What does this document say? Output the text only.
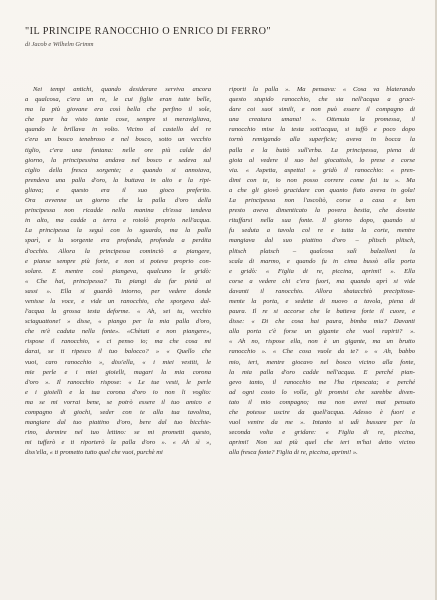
"IL PRINCIPE RANOCCHIO O ENRICO DI FERRO"

di Jacob e Wilhelm Grimm

Nei tempi antichi, quando desiderare serviva ancora
a qualcosa, c'era un re, le cui figlie eran tutte belle,
ma la più giovane era così bella che perfino il sole,
che pure ha visto tante cose, sempre si meravigliava,
quando le brillava in volto. Vicino al castello del re
c'era un bosco tenebroso e nel bosco, sotto un vecchio
tiglio, c'era una fontana: nelle ore più calde del
giorno, la principessina andava nel bosco e sedeva sul
ciglio della fresca sorgente; e quando si annoiava,
prendeva una palla d'oro, la buttava in alto e la ripi-
gliava; e questo era il suo gioco preferito.
Ora avvenne un giorno che la palla d'oro della
principessa non ricadde nella manina ch'essa tendeva
in alto, ma cadde a terra e rotolò proprio nell'acqua.
La principessa la seguì con lo sguardo, ma la palla
sparì, e la sorgente era profonda, profonda a perdita
d'occhio. Allora la principessa cominciò a piangere,
e pianse sempre più forte, e non si poteva proprio con-
solare. E mentre così piangeva, qualcuno le gridò:
« Che hai, principessa? Tu piangi da far pietà ai
sassi ». Ella si guardò intorno, per vedere donde
venisse la voce, e vide un ranocchio, che sporgeva dal-
l'acqua la grossa testa deforme. « Ah, sei tu, vecchio
sciaguattone! » disse, « piango per la mia palla d'oro,
che m'è caduta nella fonte». «Chètati e non piangere»,
rispose il ranocchio, « ci penso io; ma che cosa mi
darai, se ti ripesco il tuo balocco? » « Quello che
vuoi, caro ranocchio », diss'ella, « i miei vestiti, le
mie perle e i miei gioielli, magari la mia corona
d'oro ». Il ranocchio rispose: « Le tue vesti, le perle
e i gioielli e la tua corona d'oro io non li voglio:
ma se mi vorrai bene, se potrò essere il tuo amico e
compagno di giochi, seder con te alla tua tavolina,
mangiare dal tuo piattino d'oro, bere dal tuo bicchie-
rino, dormire nel tuo lettino: se mi prometti questo,
mi tufferò e ti riporterò la palla d'oro ». « Ah sì »,
diss'ella, « ti prometto tutto quel che vuoi, purchè mi
riporti la palla ». Ma pensava: « Cosa va blaterando
questo stupido ranocchio, che sta nell'acqua a graci-
dare coi suoi simili, e non può essere il compagno di
una creatura umana! ». Ottenuta la promessa, il
ranocchio mise la testa sott'acqua, si tuffò e poco dopo
tornò remigando alla superficie; aveva in bocca la
palla e la buttò sull'erba. La principessa, piena di
gioia al vedere il suo bel giocattolo, lo prese e corse
via. « Aspetta, aspetta! » gridò il ranocchio: « pren-
dimi con te, io non posso correre come fai tu ». Ma
a che gli giovò gracidare con quanto fiato aveva in gola!
La principessa non l'ascoltò, corse a casa e ben
presto aveva dimenticato la povera bestia, che dovette
rituffarsi nella sua fonte. Il giorno dopo, quando si
fu seduta a tavola col re e tutta la corte, mentre
mangiava dal suo piattino d'oro – plitsch plitsch,
plitsch platsch – qualcosa salì balzelloni la
scala di marmo, e quando fu in cima bussò alla porta
e gridò: « Figlia di re, piccina, aprimi! ». Ella
corse a vedere chi c'era fuori, ma quando aprì si vide
davanti il ranocchio. Allora sbatacchiò precipitosa-
mente la porta, e sedette di nuovo a tavola, piena di
paura. Il re si accorse che le batteva forte il cuore, e
disse: « Di che cosa hai paura, bimba mia? Davanti
alla porta c'è forse un gigante che vuol rapirti? ».
« Ah no, rispose ella, non è un gigante, ma un brutto
ranocchio ». « Che cosa vuole da te? » « Ah, babbo
mio, ieri, mentre giocavo nel bosco vicino alla fonte,
la mia palla d'oro cadde nell'acqua. E perché pian-
gevo tanto, il ranocchio me l'ha ripescata; e perché
ad ogni costo lo volle, gli promisi che sarebbe diven-
tato il mio compagno; ma non avrei mai pensato
che potesse uscire da quell'acqua. Adesso è fuori e
vuol venire da me ». Intanto si udì bussare per la
seconda volta e gridare: « Figlia di re, piccina,
aprimi! Non sai più quel che ieri m'hai detto vicino
alla fresca fonte? Figlia di re, piccina, aprimi! ».
